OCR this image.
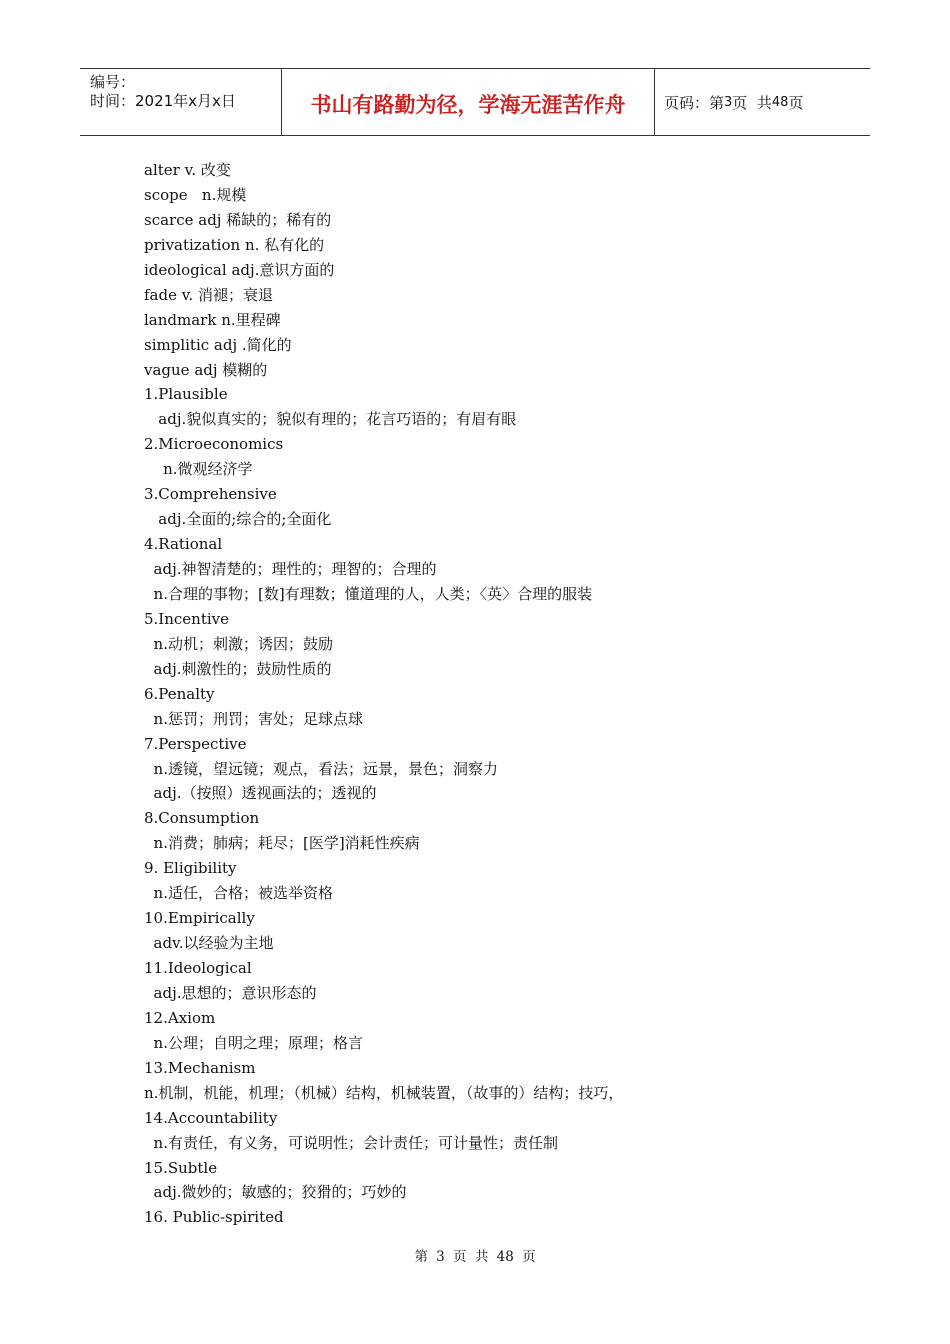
编号：
时间：2021年x月x日	书山有路勤为径，学海无涯苦作舟	页码：第 3 页  共 48 页
alter v. 改变
scope   n.规模
scarce adj 稀缺的；稀有的
privatization n. 私有化的
ideological adj.意识方面的
fade v. 消褪；衰退
landmark n.里程碑
simplitic adj .简化的
vague adj 模糊的
1.Plausible
adj.貌似真实的；貌似有理的；花言巧语的；有眉有眼
2.Microeconomics
n.微观经济学
3.Comprehensive
adj.全面的;综合的;全面化
4.Rational
adj.神智清楚的；理性的；理智的；合理的
n.合理的事物；[数]有理数；懂道理的人，人类；〈英〉合理的服装
5.Incentive
n.动机；刺激；诱因；鼓励
adj.刺激性的；鼓励性质的
6.Penalty
n.惩罚；刑罚；害处；足球点球
7.Perspective
n.透镜，望远镜；观点，看法；远景，景色；洞察力
adj.（按照）透视画法的；透视的
8.Consumption
n.消费；肺病；耗尽；[医学]消耗性疾病
9. Eligibility
n.适任，合格；被选举资格
10.Empirically
adv.以经验为主地
11.Ideological
adj.思想的；意识形态的
12.Axiom
n.公理；自明之理；原理；格言
13.Mechanism
n.机制，机能，机理；（机械）结构，机械装置，（故事的）结构；技巧，
14.Accountability
n.有责任，有义务，可说明性；会计责任；可计量性；责任制
15.Subtle
adj.微妙的；敏感的；狡猾的；巧妙的
16. Public-spirited
第 3 页 共 48 页
